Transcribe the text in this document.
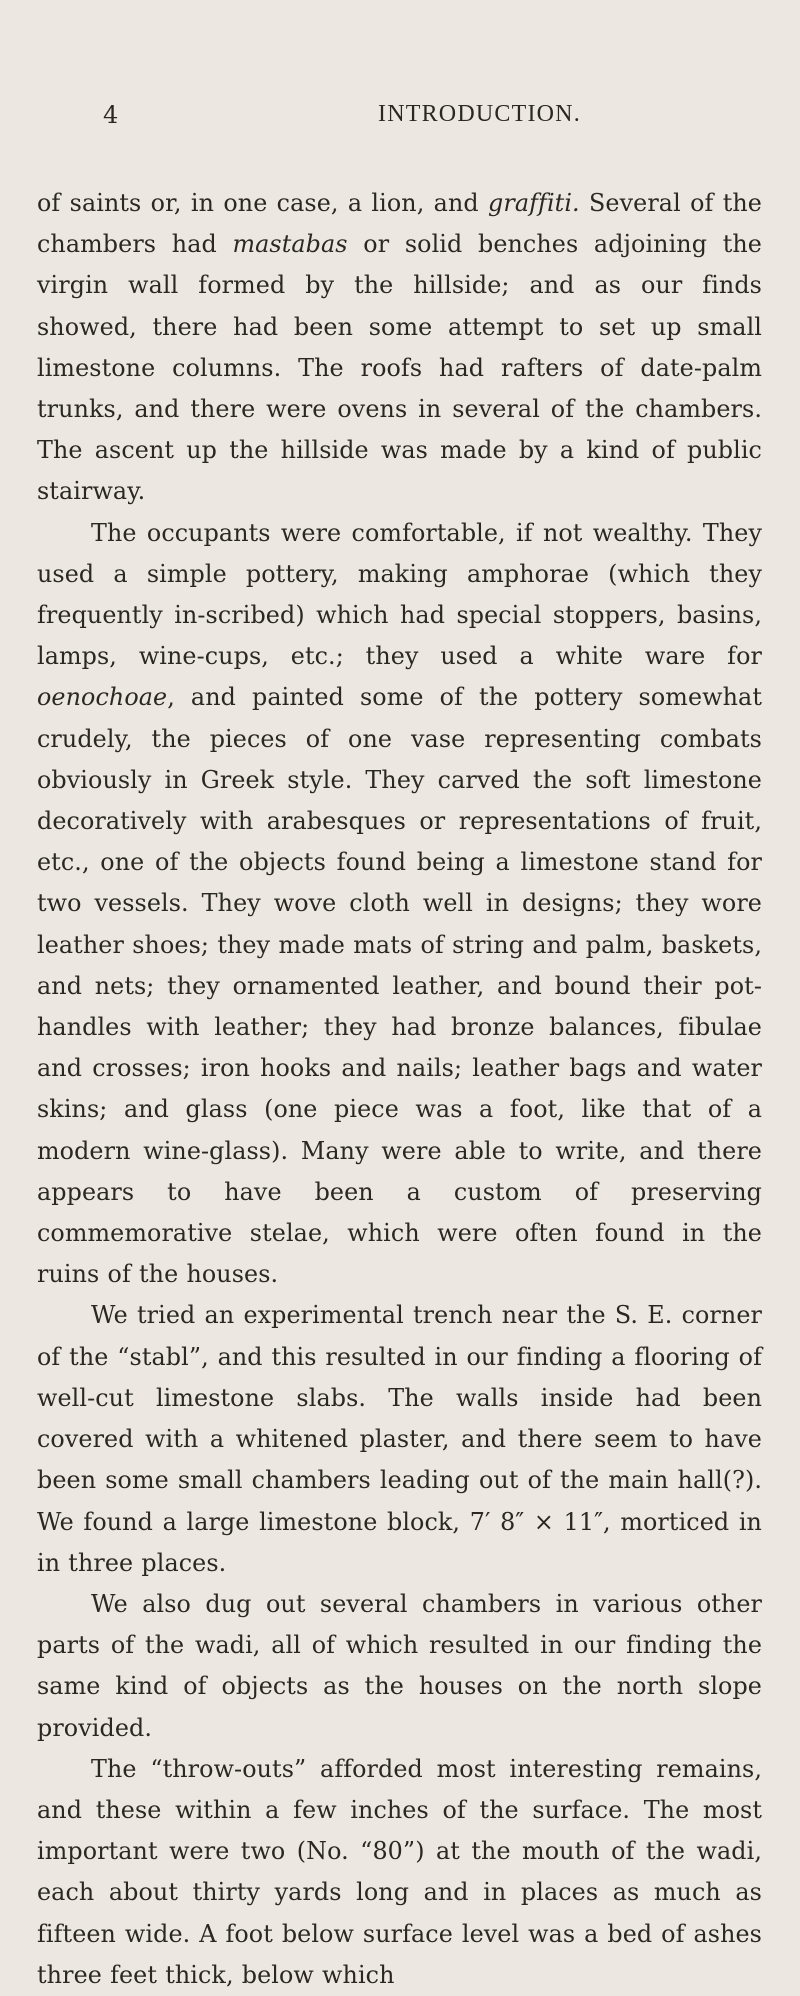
4	INTRODUCTION.

of saints or, in one case, a lion, and graffiti. Several of the chambers had mastabas or solid benches adjoining the virgin wall formed by the hillside; and as our finds showed, there had been some attempt to set up small limestone columns. The roofs had rafters of date-palm trunks, and there were ovens in several of the chambers. The ascent up the hillside was made by a kind of public stairway.

The occupants were comfortable, if not wealthy. They used a simple pottery, making amphorae (which they frequently in-scribed) which had special stoppers, basins, lamps, wine-cups, etc.; they used a white ware for oenochoae, and painted some of the pottery somewhat crudely, the pieces of one vase representing combats obviously in Greek style. They carved the soft limestone decoratively with arabesques or representations of fruit, etc., one of the objects found being a limestone stand for two vessels. They wove cloth well in designs; they wore leather shoes; they made mats of string and palm, baskets, and nets; they ornamented leather, and bound their pot-handles with leather; they had bronze balances, fibulae and crosses; iron hooks and nails; leather bags and water skins; and glass (one piece was a foot, like that of a modern wine-glass). Many were able to write, and there appears to have been a custom of preserving commemorative stelae, which were often found in the ruins of the houses.

We tried an experimental trench near the S. E. corner of the “stabl”, and this resulted in our finding a flooring of well-cut limestone slabs. The walls inside had been covered with a whitened plaster, and there seem to have been some small chambers leading out of the main hall(?). We found a large limestone block, 7′ 8″ × 11″, morticed in in three places.

We also dug out several chambers in various other parts of the wadi, all of which resulted in our finding the same kind of objects as the houses on the north slope provided.

The “throw-outs” afforded most interesting remains, and these within a few inches of the surface. The most important were two (No. “80”) at the mouth of the wadi, each about thirty yards long and in places as much as fifteen wide. A foot below surface level was a bed of ashes three feet thick, below which
